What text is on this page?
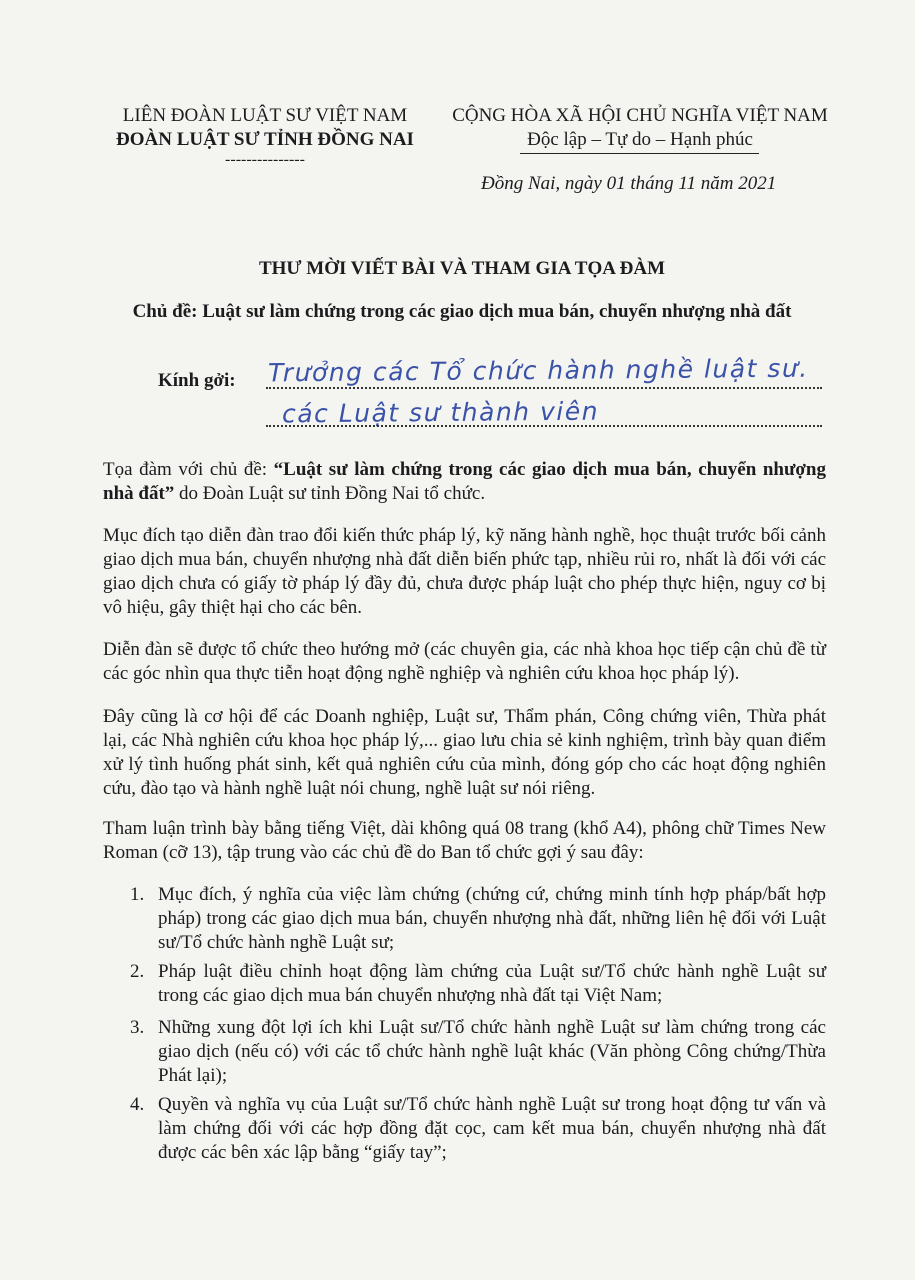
LIÊN ĐOÀN LUẬT SƯ VIỆT NAM
ĐOÀN LUẬT SƯ TỈNH ĐỒNG NAI
---------------
CỘNG HÒA XÃ HỘI CHỦ NGHĨA VIỆT NAM
Độc lập – Tự do – Hạnh phúc
Đồng Nai, ngày 01 tháng 11 năm 2021
THƯ MỜI VIẾT BÀI VÀ THAM GIA TỌA ĐÀM
Chủ đề: Luật sư làm chứng trong các giao dịch mua bán, chuyển nhượng nhà đất
Kính gởi: Trưởng các Tổ chức hành nghề luật sư.
các Luật sư thành viên
Tọa đàm với chủ đề: “Luật sư làm chứng trong các giao dịch mua bán, chuyển nhượng nhà đất” do Đoàn Luật sư tỉnh Đồng Nai tổ chức.
Mục đích tạo diễn đàn trao đổi kiến thức pháp lý, kỹ năng hành nghề, học thuật trước bối cảnh giao dịch mua bán, chuyển nhượng nhà đất diễn biến phức tạp, nhiều rủi ro, nhất là đối với các giao dịch chưa có giấy tờ pháp lý đầy đủ, chưa được pháp luật cho phép thực hiện, nguy cơ bị vô hiệu, gây thiệt hại cho các bên.
Diễn đàn sẽ được tổ chức theo hướng mở (các chuyên gia, các nhà khoa học tiếp cận chủ đề từ các góc nhìn qua thực tiễn hoạt động nghề nghiệp và nghiên cứu khoa học pháp lý).
Đây cũng là cơ hội để các Doanh nghiệp, Luật sư, Thẩm phán, Công chứng viên, Thừa phát lại, các Nhà nghiên cứu khoa học pháp lý,... giao lưu chia sẻ kinh nghiệm, trình bày quan điểm xử lý tình huống phát sinh, kết quả nghiên cứu của mình, đóng góp cho các hoạt động nghiên cứu, đào tạo và hành nghề luật nói chung, nghề luật sư nói riêng.
Tham luận trình bày bằng tiếng Việt, dài không quá 08 trang (khổ A4), phông chữ Times New Roman (cỡ 13), tập trung vào các chủ đề do Ban tổ chức gợi ý sau đây:
1. Mục đích, ý nghĩa của việc làm chứng (chứng cứ, chứng minh tính hợp pháp/bất hợp pháp) trong các giao dịch mua bán, chuyển nhượng nhà đất, những liên hệ đối với Luật sư/Tổ chức hành nghề Luật sư;
2. Pháp luật điều chỉnh hoạt động làm chứng của Luật sư/Tổ chức hành nghề Luật sư trong các giao dịch mua bán chuyển nhượng nhà đất tại Việt Nam;
3. Những xung đột lợi ích khi Luật sư/Tổ chức hành nghề Luật sư làm chứng trong các giao dịch (nếu có) với các tổ chức hành nghề luật khác (Văn phòng Công chứng/Thừa Phát lại);
4. Quyền và nghĩa vụ của Luật sư/Tổ chức hành nghề Luật sư trong hoạt động tư vấn và làm chứng đối với các hợp đồng đặt cọc, cam kết mua bán, chuyển nhượng nhà đất được các bên xác lập bằng “giấy tay”;
